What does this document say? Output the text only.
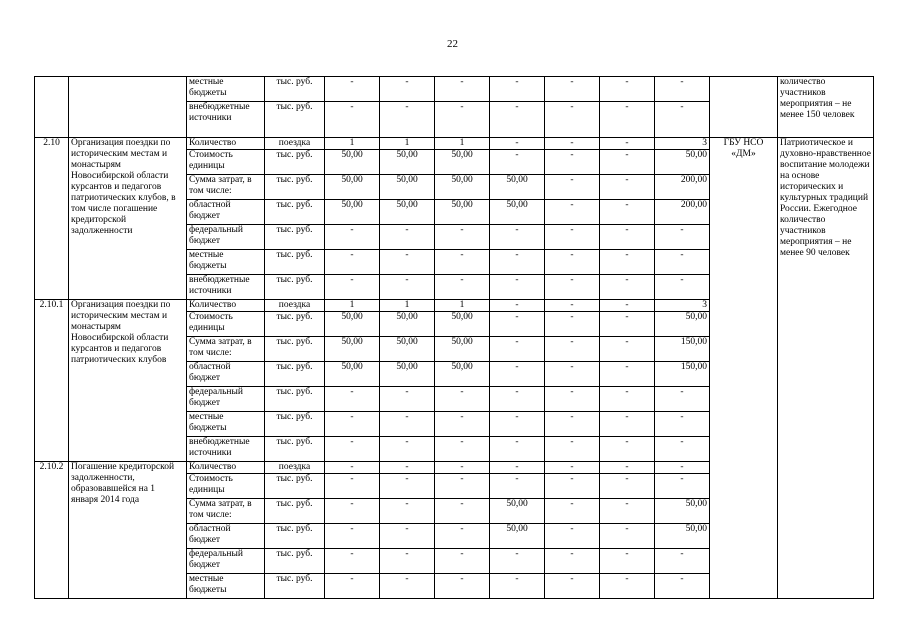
22
		местные бюджеты	тыс. руб.	-	-	-	-	-	-	-		количество участников мероприятия – не менее 150 человек
		внебюджетные источники	тыс. руб.	-	-	-	-	-	-	-		
2.10	Организация поездки по историческим местам и монастырям Новосибирской области курсантов и педагогов патриотических клубов, в том числе погашение кредиторской задолженности	Количество	поездка	1	1	1	-	-	-	3	ГБУ НСО «ДМ»	Патриотическое и духовно-нравственное воспитание молодежи на основе исторических и культурных традиций России. Ежегодное количество участников мероприятия – не менее 90 человек
		Стоимость единицы	тыс. руб.	50,00	50,00	50,00	-	-	-	50,00		
		Сумма затрат, в том числе:	тыс. руб.	50,00	50,00	50,00	50,00	-	-	200,00		
		областной бюджет	тыс. руб.	50,00	50,00	50,00	50,00	-	-	200,00		
		федеральный бюджет	тыс. руб.	-	-	-	-	-	-	-		
		местные бюджеты	тыс. руб.	-	-	-	-	-	-	-		
		внебюджетные источники	тыс. руб.	-	-	-	-	-	-	-		
2.10.1	Организация поездки по историческим местам и монастырям Новосибирской области курсантов и педагогов патриотических клубов	Количество	поездка	1	1	1	-	-	-	3		
		Стоимость единицы	тыс. руб.	50,00	50,00	50,00	-	-	-	50,00		
		Сумма затрат, в том числе:	тыс. руб.	50,00	50,00	50,00	-	-	-	150,00		
		областной бюджет	тыс. руб.	50,00	50,00	50,00	-	-	-	150,00		
		федеральный бюджет	тыс. руб.	-	-	-	-	-	-	-		
		местные бюджеты	тыс. руб.	-	-	-	-	-	-	-		
		внебюджетные источники	тыс. руб.	-	-	-	-	-	-	-		
2.10.2	Погашение кредиторской задолженности, образовавшейся на 1 января 2014 года	Количество	поездка	-	-	-	-	-	-	-		
		Стоимость единицы	тыс. руб.	-	-	-	-	-	-	-		
		Сумма затрат, в том числе:	тыс. руб.	-	-	-	50,00	-	-	50,00		
		областной бюджет	тыс. руб.	-	-	-	50,00	-	-	50,00		
		федеральный бюджет	тыс. руб.	-	-	-	-	-	-	-		
		местные бюджеты	тыс. руб.	-	-	-	-	-	-	-		
